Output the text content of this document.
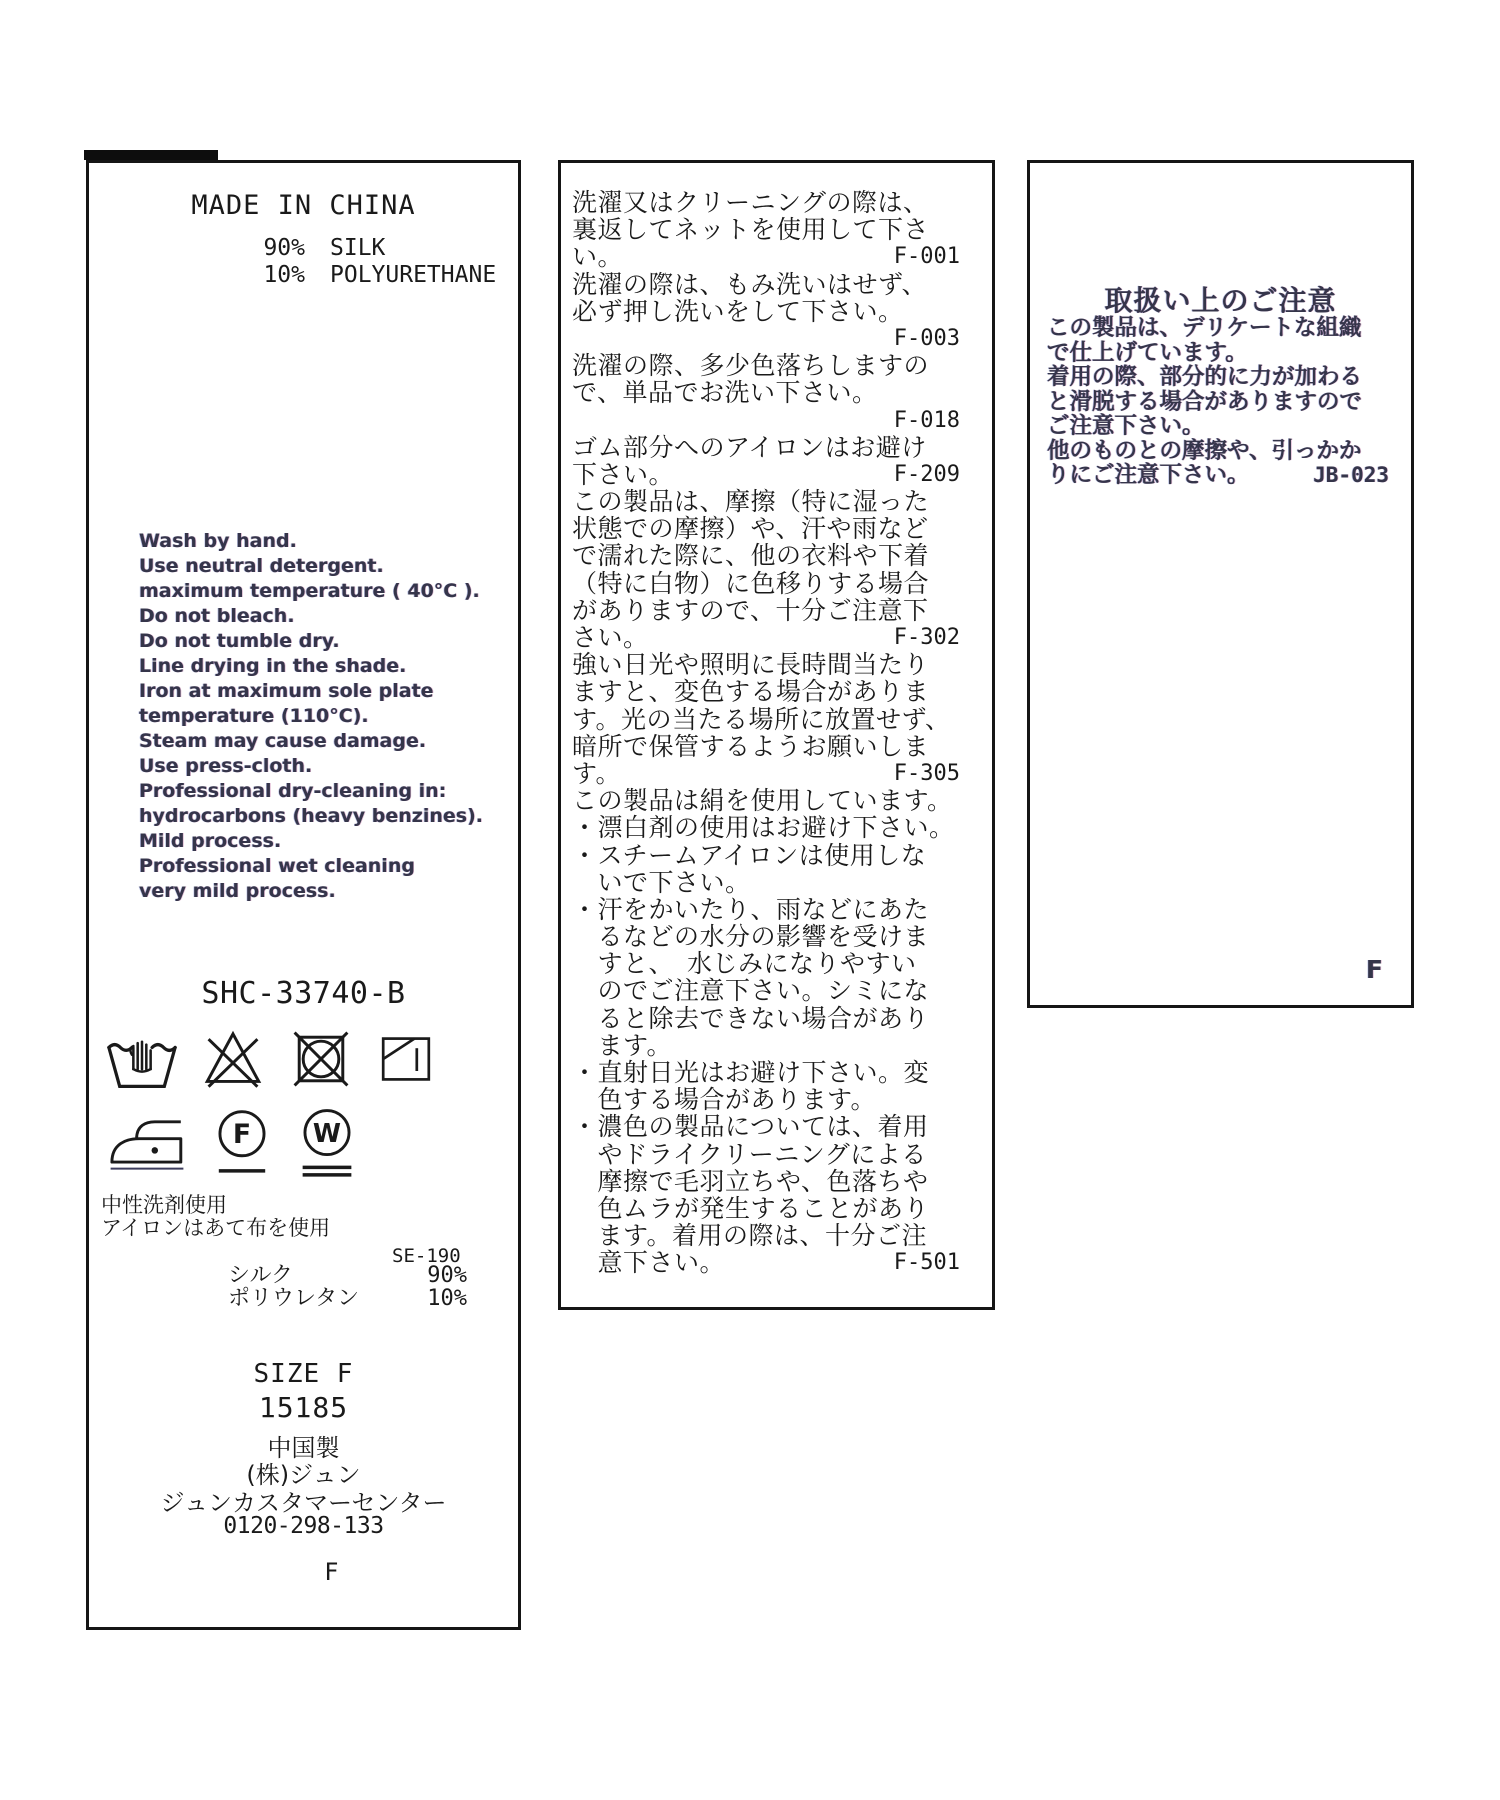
MADE IN CHINA
90% SILK
10% POLYURETHANE
Wash by hand.
Use neutral detergent.
maximum temperature ( 40°C ).
Do not bleach.
Do not tumble dry.
Line drying in the shade.
Iron at maximum sole plate
temperature (110°C).
Steam may cause damage.
Use press-cloth.
Professional dry-cleaning in:
hydrocarbons (heavy benzines).
Mild process.
Professional wet cleaning
very mild process.
SHC-33740-B
F W
中性洗剤使用
アイロンはあて布を使用
SE-190
シルク	90%
ポリウレタン	10%
SIZE F
15185
中国製
(株)ジュン
ジュンカスタマーセンター
0120-298-133
F
洗濯又はクリーニングの際は、
裏返してネットを使用して下さ
い。	F-001
洗濯の際は、もみ洗いはせず、
必ず押し洗いをして下さい。
F-003
洗濯の際、多少色落ちしますの
で、単品でお洗い下さい。
F-018
ゴム部分へのアイロンはお避け
下さい。	F-209
この製品は、摩擦（特に湿った
状態での摩擦）や、汗や雨など
で濡れた際に、他の衣料や下着
（特に白物）に色移りする場合
がありますので、十分ご注意下
さい。	F-302
強い日光や照明に長時間当たり
ますと、変色する場合がありま
す。光の当たる場所に放置せず、
暗所で保管するようお願いしま
す。	F-305
この製品は絹を使用しています。
・漂白剤の使用はお避け下さい。
・スチームアイロンは使用しな
　いで下さい。
・汗をかいたり、雨などにあた
　るなどの水分の影響を受けま
　すと、　水じみになりやすい
　のでご注意下さい。シミにな
　ると除去できない場合があり
　ます。
・直射日光はお避け下さい。変
　色する場合があります。
・濃色の製品については、着用
　やドライクリーニングによる
　摩擦で毛羽立ちや、色落ちや
　色ムラが発生することがあり
　ます。着用の際は、十分ご注
　意下さい。	F-501
取扱い上のご注意
この製品は、デリケートな組織
で仕上げています。
着用の際、部分的に力が加わる
と滑脱する場合がありますので
ご注意下さい。
他のものとの摩擦や、引っかか
りにご注意下さい。	JB-023
F
